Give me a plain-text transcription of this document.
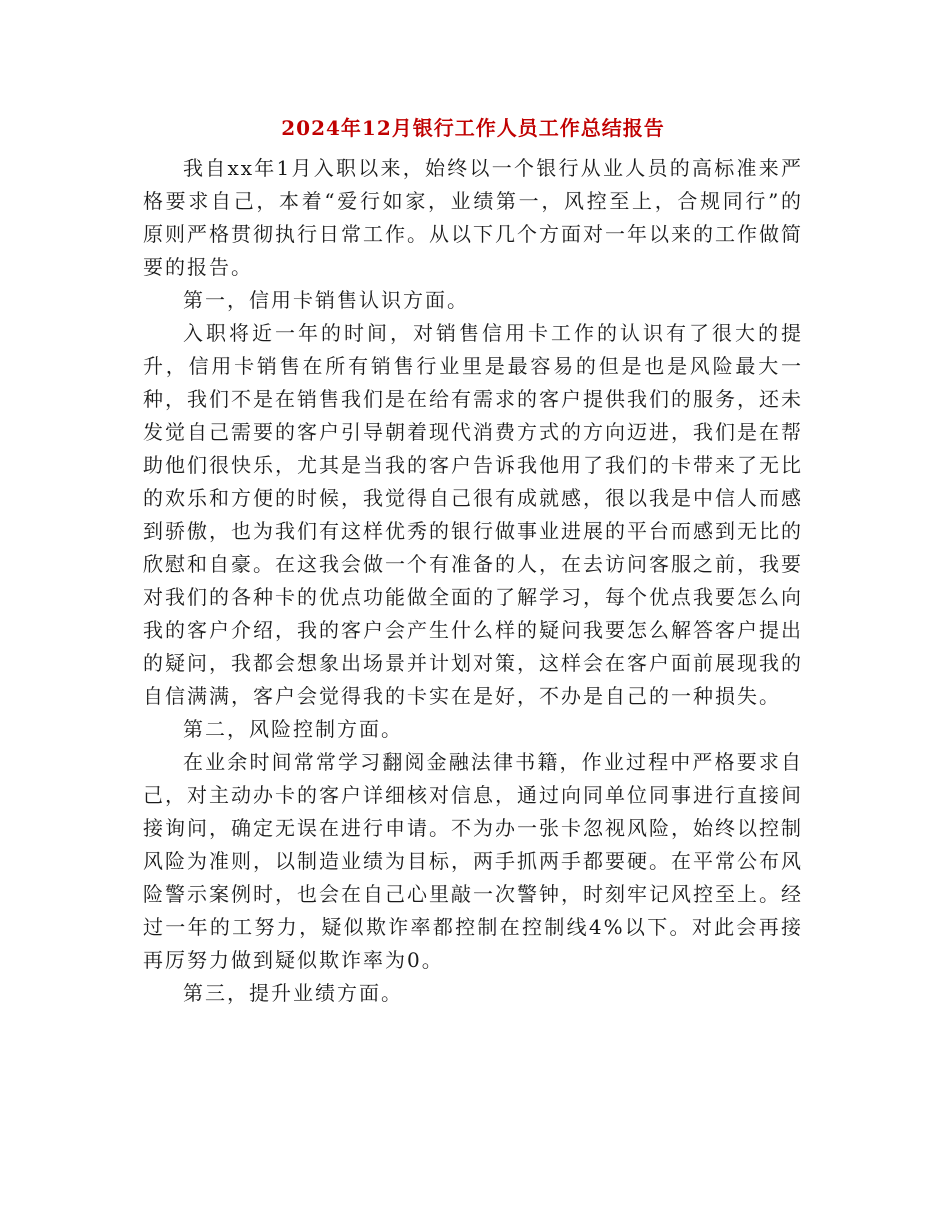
2024年12月银行工作人员工作总结报告

我自xx年1月入职以来，始终以一个银行从业人员的高标准来严格要求自己，本着“爱行如家，业绩第一，风控至上，合规同行”的原则严格贯彻执行日常工作。从以下几个方面对一年以来的工作做简要的报告。

第一，信用卡销售认识方面。

入职将近一年的时间，对销售信用卡工作的认识有了很大的提升，信用卡销售在所有销售行业里是最容易的但是也是风险最大一种，我们不是在销售我们是在给有需求的客户提供我们的服务，还未发觉自己需要的客户引导朝着现代消费方式的方向迈进，我们是在帮助他们很快乐，尤其是当我的客户告诉我他用了我们的卡带来了无比的欢乐和方便的时候，我觉得自己很有成就感，很以我是中信人而感到骄傲，也为我们有这样优秀的银行做事业进展的平台而感到无比的欣慰和自豪。在这我会做一个有准备的人，在去访问客服之前，我要对我们的各种卡的优点功能做全面的了解学习，每个优点我要怎么向我的客户介绍，我的客户会产生什么样的疑问我要怎么解答客户提出的疑问，我都会想象出场景并计划对策，这样会在客户面前展现我的自信满满，客户会觉得我的卡实在是好，不办是自己的一种损失。

第二，风险控制方面。

在业余时间常常学习翻阅金融法律书籍，作业过程中严格要求自己，对主动办卡的客户详细核对信息，通过向同单位同事进行直接间接询问，确定无误在进行申请。不为办一张卡忽视风险，始终以控制风险为准则，以制造业绩为目标，两手抓两手都要硬。在平常公布风险警示案例时，也会在自己心里敲一次警钟，时刻牢记风控至上。经过一年的工努力，疑似欺诈率都控制在控制线4%以下。对此会再接再厉努力做到疑似欺诈率为0。

第三，提升业绩方面。
